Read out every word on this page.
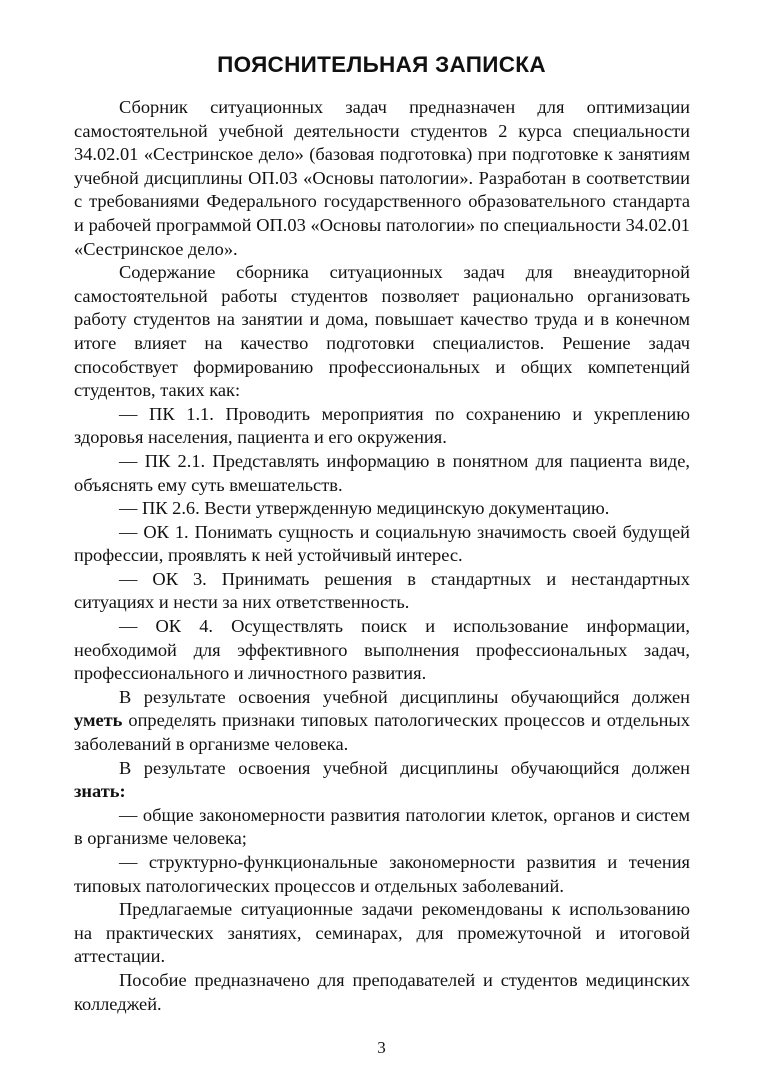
ПОЯСНИТЕЛЬНАЯ ЗАПИСКА

Сборник ситуационных задач предназначен для оптимизации самостоятельной учебной деятельности студентов 2 курса специальности 34.02.01 «Сестринское дело» (базовая подготовка) при подготовке к занятиям учебной дисциплины ОП.03 «Основы патологии». Разработан в соответствии с требованиями Федерального государственного образовательного стандарта и рабочей программой ОП.03 «Основы патологии» по специальности 34.02.01 «Сестринское дело».

Содержание сборника ситуационных задач для внеаудиторной самостоятельной работы студентов позволяет рационально организовать работу студентов на занятии и дома, повышает качество труда и в конечном итоге влияет на качество подготовки специалистов. Решение задач способствует формированию профессиональных и общих компетенций студентов, таких как:

— ПК 1.1. Проводить мероприятия по сохранению и укреплению здоровья населения, пациента и его окружения.

— ПК 2.1. Представлять информацию в понятном для пациента виде, объяснять ему суть вмешательств.

— ПК 2.6. Вести утвержденную медицинскую документацию.

— ОК 1. Понимать сущность и социальную значимость своей будущей профессии, проявлять к ней устойчивый интерес.

— ОК 3. Принимать решения в стандартных и нестандартных ситуациях и нести за них ответственность.

— ОК 4. Осуществлять поиск и использование информации, необходимой для эффективного выполнения профессиональных задач, профессионального и личностного развития.

В результате освоения учебной дисциплины обучающийся должен уметь определять признаки типовых патологических процессов и отдельных заболеваний в организме человека.

В результате освоения учебной дисциплины обучающийся должен знать:

— общие закономерности развития патологии клеток, органов и систем в организме человека;

— структурно-функциональные закономерности развития и течения типовых патологических процессов и отдельных заболеваний.

Предлагаемые ситуационные задачи рекомендованы к использованию на практических занятиях, семинарах, для промежуточной и итоговой аттестации.

Пособие предназначено для преподавателей и студентов медицинских колледжей.

3
